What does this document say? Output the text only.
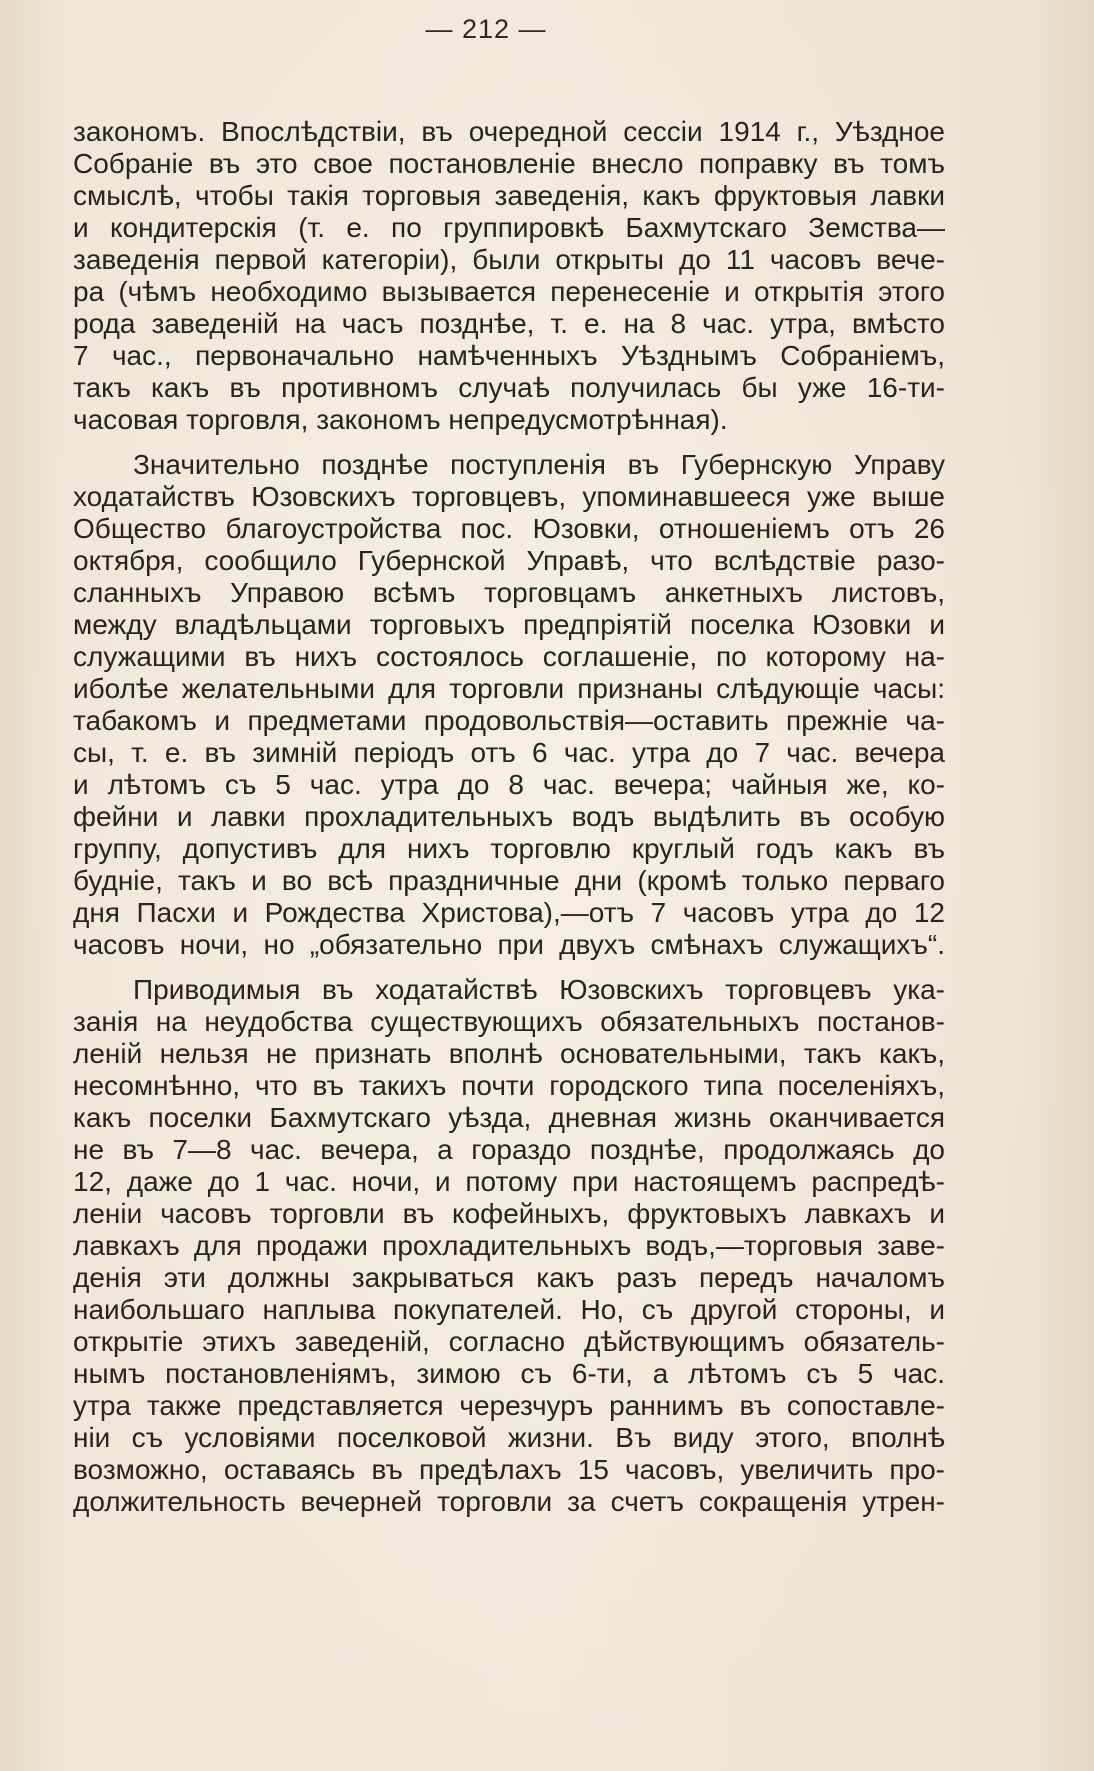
— 212 —
закономъ. Впослѣдствіи, въ очередной сессіи 1914 г., Уѣздное
Собраніе въ это свое постановленіе внесло поправку въ томъ
смыслѣ, чтобы такія торговыя заведенія, какъ фруктовыя лавки
и кондитерскія (т. е. по группировкѣ Бахмутскаго Земства—
заведенія первой категоріи), были открыты до 11 часовъ вече-
ра (чѣмъ необходимо вызывается перенесеніе и открытія этого
рода заведеній на часъ позднѣе, т. е. на 8 час. утра, вмѣсто
7 час., первоначально намѣченныхъ Уѣзднымъ Собраніемъ,
такъ какъ въ противномъ случаѣ получилась бы уже 16-ти-
часовая торговля, закономъ непредусмотрѣнная).
Значительно позднѣе поступленія въ Губернскую Управу
ходатайствъ Юзовскихъ торговцевъ, упоминавшееся уже выше
Общество благоустройства пос. Юзовки, отношеніемъ отъ 26
октября, сообщило Губернской Управѣ, что вслѣдствіе разо-
сланныхъ Управою всѣмъ торговцамъ анкетныхъ листовъ,
между владѣльцами торговыхъ предпріятій поселка Юзовки и
служащими въ нихъ состоялось соглашеніе, по которому на-
иболѣе желательными для торговли признаны слѣдующіе часы:
табакомъ и предметами продовольствія—оставить прежніе ча-
сы, т. е. въ зимній періодъ отъ 6 час. утра до 7 час. вечера
и лѣтомъ съ 5 час. утра до 8 час. вечера; чайныя же, ко-
фейни и лавки прохладительныхъ водъ выдѣлить въ особую
группу, допустивъ для нихъ торговлю круглый годъ какъ въ
будніе, такъ и во всѣ праздничные дни (кромѣ только перваго
дня Пасхи и Рождества Христова),—отъ 7 часовъ утра до 12
часовъ ночи, но „обязательно при двухъ смѣнахъ служащихъ“.
Приводимыя въ ходатайствѣ Юзовскихъ торговцевъ ука-
занія на неудобства существующихъ обязательныхъ постанов-
леній нельзя не признать вполнѣ основательными, такъ какъ,
несомнѣнно, что въ такихъ почти городского типа поселеніяхъ,
какъ поселки Бахмутскаго уѣзда, дневная жизнь оканчивается
не въ 7—8 час. вечера, а гораздо позднѣе, продолжаясь до
12, даже до 1 час. ночи, и потому при настоящемъ распредѣ-
леніи часовъ торговли въ кофейныхъ, фруктовыхъ лавкахъ и
лавкахъ для продажи прохладительныхъ водъ,—торговыя заве-
денія эти должны закрываться какъ разъ передъ началомъ
наибольшаго наплыва покупателей. Но, съ другой стороны, и
открытіе этихъ заведеній, согласно дѣйствующимъ обязатель-
нымъ постановленіямъ, зимою съ 6-ти, а лѣтомъ съ 5 час.
утра также представляется черезчуръ раннимъ въ сопоставле-
ніи съ условіями поселковой жизни. Въ виду этого, вполнѣ
возможно, оставаясь въ предѣлахъ 15 часовъ, увеличить про-
должительность вечерней торговли за счетъ сокращенія утрен-
